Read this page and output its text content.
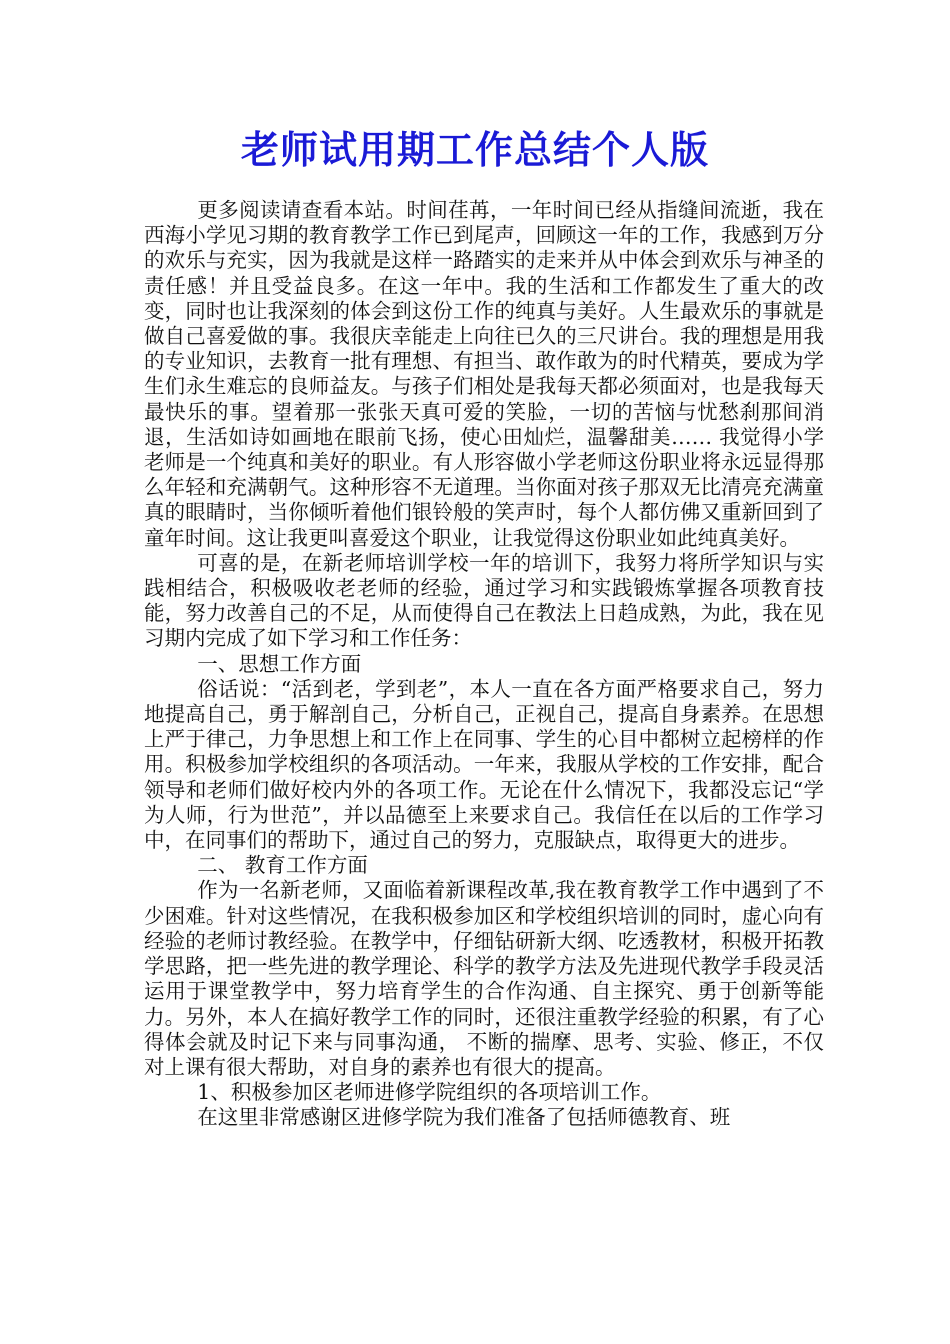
老师试用期工作总结个人版

更多阅读请查看本站。时间荏苒，一年时间已经从指缝间流逝，我在西海小学见习期的教育教学工作已到尾声，回顾这一年的工作，我感到万分的欢乐与充实，因为我就是这样一路踏实的走来并从中体会到欢乐与神圣的责任感！并且受益良多。在这一年中。我的生活和工作都发生了重大的改变，同时也让我深刻的体会到这份工作的纯真与美好。人生最欢乐的事就是做自己喜爱做的事。我很庆幸能走上向往已久的三尺讲台。我的理想是用我的专业知识，去教育一批有理想、有担当、敢作敢为的时代精英，要成为学生们永生难忘的良师益友。与孩子们相处是我每天都必须面对，也是我每天最快乐的事。望着那一张张天真可爱的笑脸，一切的苦恼与忧愁刹那间消退，生活如诗如画地在眼前飞扬，使心田灿烂，温馨甜美…… 我觉得小学老师是一个纯真和美好的职业。有人形容做小学老师这份职业将永远显得那么年轻和充满朝气。这种形容不无道理。当你面对孩子那双无比清亮充满童真的眼睛时，当你倾听着他们银铃般的笑声时，每个人都仿佛又重新回到了童年时间。这让我更叫喜爱这个职业，让我觉得这份职业如此纯真美好。

可喜的是，在新老师培训学校一年的培训下，我努力将所学知识与实践相结合，积极吸收老老师的经验，通过学习和实践锻炼掌握各项教育技能，努力改善自己的不足，从而使得自己在教法上日趋成熟，为此，我在见习期内完成了如下学习和工作任务：

一、思想工作方面

俗话说：“活到老，学到老”，本人一直在各方面严格要求自己，努力地提高自己，勇于解剖自己，分析自己，正视自己，提高自身素养。在思想上严于律己，力争思想上和工作上在同事、学生的心目中都树立起榜样的作用。积极参加学校组织的各项活动。一年来，我服从学校的工作安排，配合领导和老师们做好校内外的各项工作。无论在什么情况下，我都没忘记“学为人师，行为世范”，并以品德至上来要求自己。我信任在以后的工作学习中，在同事们的帮助下，通过自己的努力，克服缺点，取得更大的进步。

二、 教育工作方面

作为一名新老师，又面临着新课程改革,我在教育教学工作中遇到了不少困难。针对这些情况，在我积极参加区和学校组织培训的同时，虚心向有经验的老师讨教经验。在教学中，仔细钻研新大纲、吃透教材，积极开拓教学思路，把一些先进的教学理论、科学的教学方法及先进现代教学手段灵活运用于课堂教学中，努力培育学生的合作沟通、自主探究、勇于创新等能力。另外，本人在搞好教学工作的同时，还很注重教学经验的积累，有了心得体会就及时记下来与同事沟通， 不断的揣摩、思考、实验、修正，不仅对上课有很大帮助，对自身的素养也有很大的提高。

1、积极参加区老师进修学院组织的各项培训工作。

在这里非常感谢区进修学院为我们准备了包括师德教育、班
